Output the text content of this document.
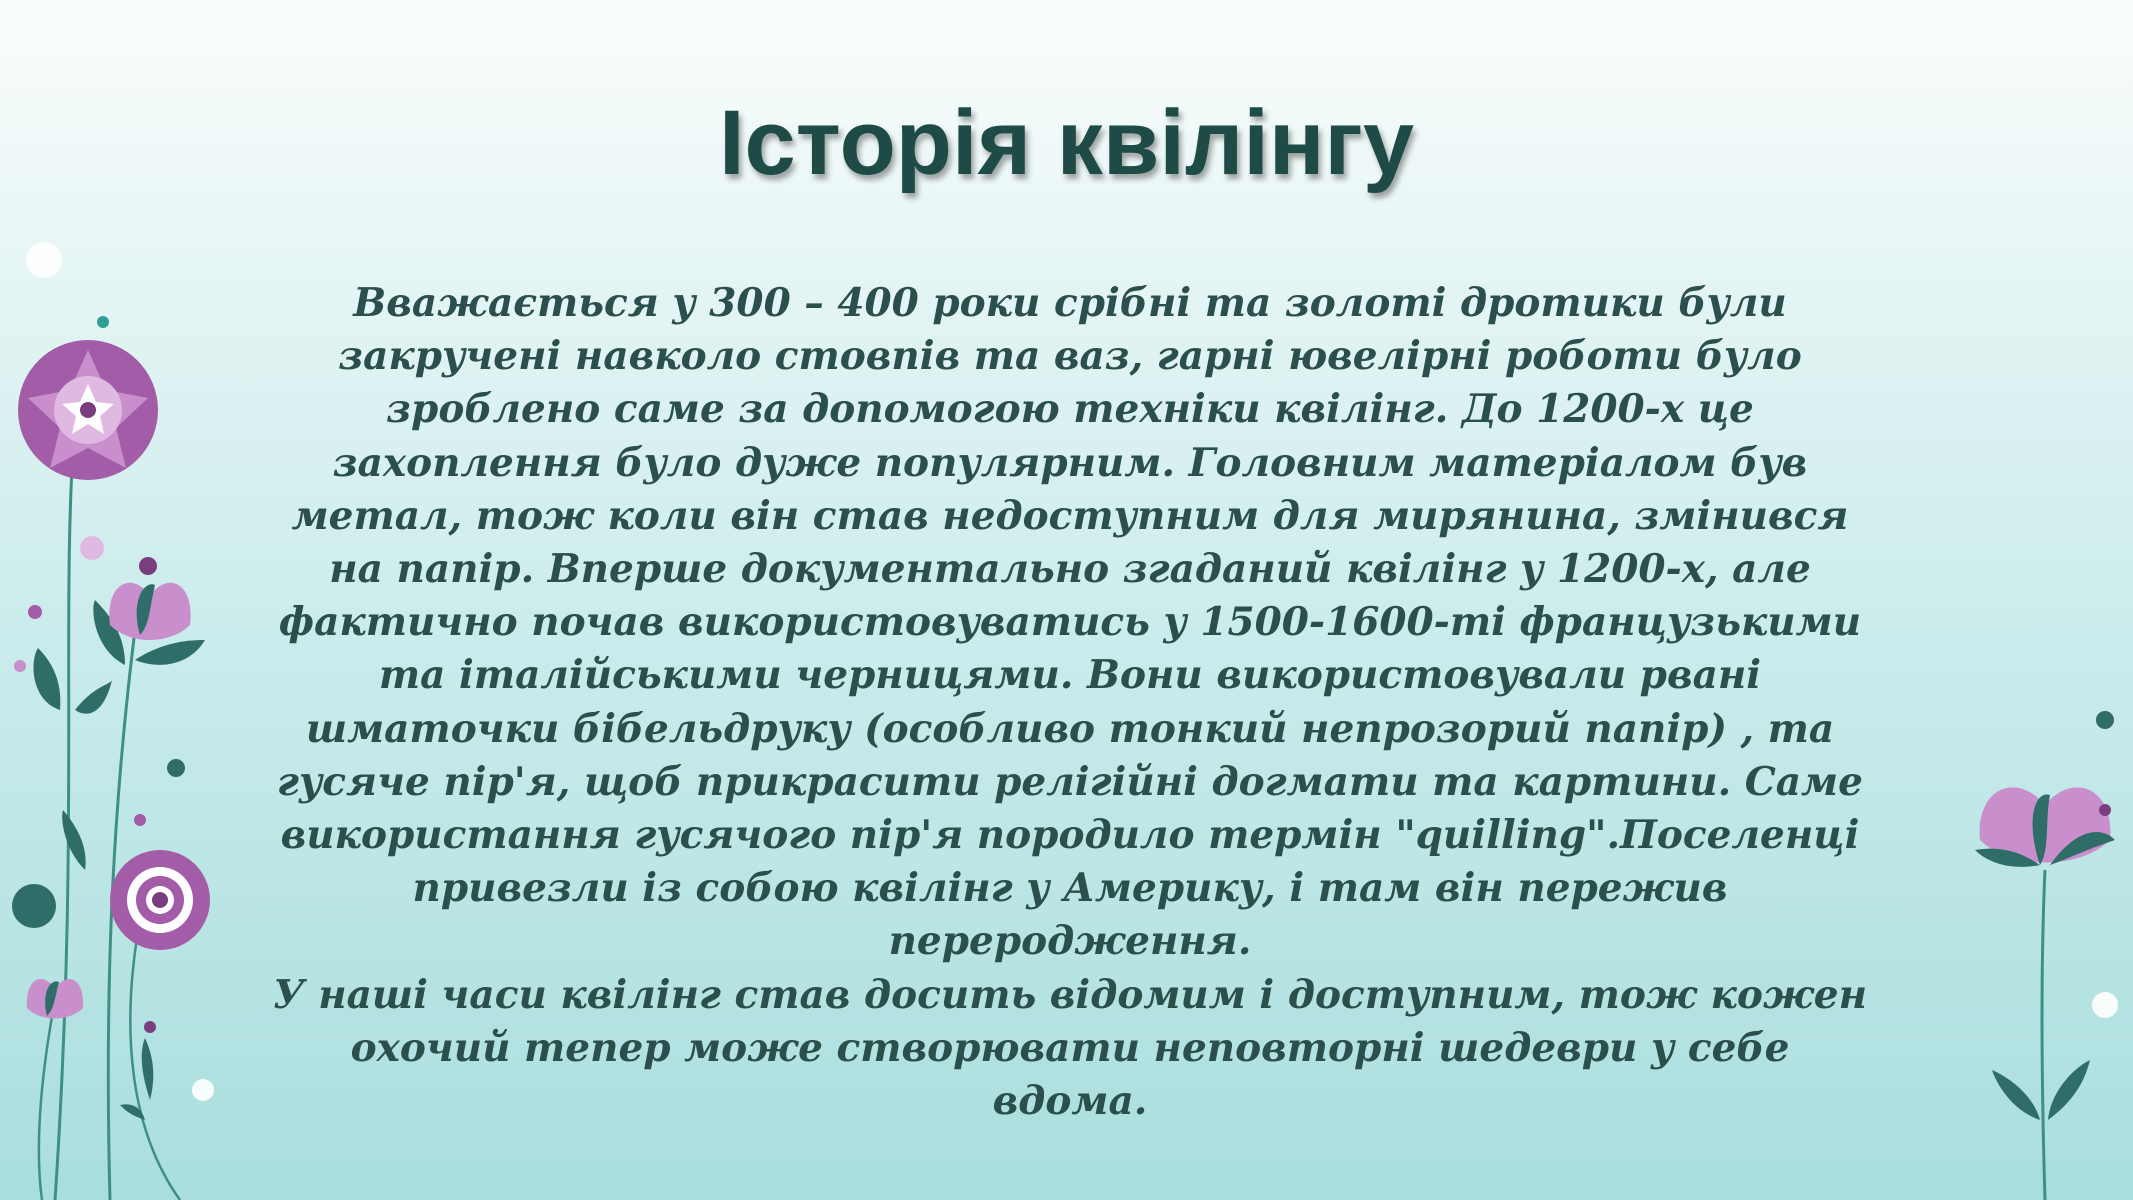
Історія квілінгу

Вважається у 300 – 400 роки срібні та золоті дротики були закручені навколо стовпів та ваз, гарні ювелірні роботи було зроблено саме за допомогою техніки квілінг. До 1200-х це захоплення було дуже популярним. Головним матеріалом був метал, тож коли він став недоступним для мирянина, змінився на папір. Вперше документально згаданий квілінг у 1200-х, але фактично почав використовуватись у 1500-1600-ті французькими та італійськими черницями. Вони використовували рвані шматочки бібельдруку (особливо тонкий непрозорий папір) , та гусяче пір'я, щоб прикрасити релігійні догмати та картини. Саме використання гусячого пір'я породило термін "quilling".Поселенці привезли із собою квілінг у Америку, і там він пережив переродження.

У наші часи квілінг став досить відомим і доступним, тож кожен охочий тепер може створювати неповторні шедеври у себе вдома.
